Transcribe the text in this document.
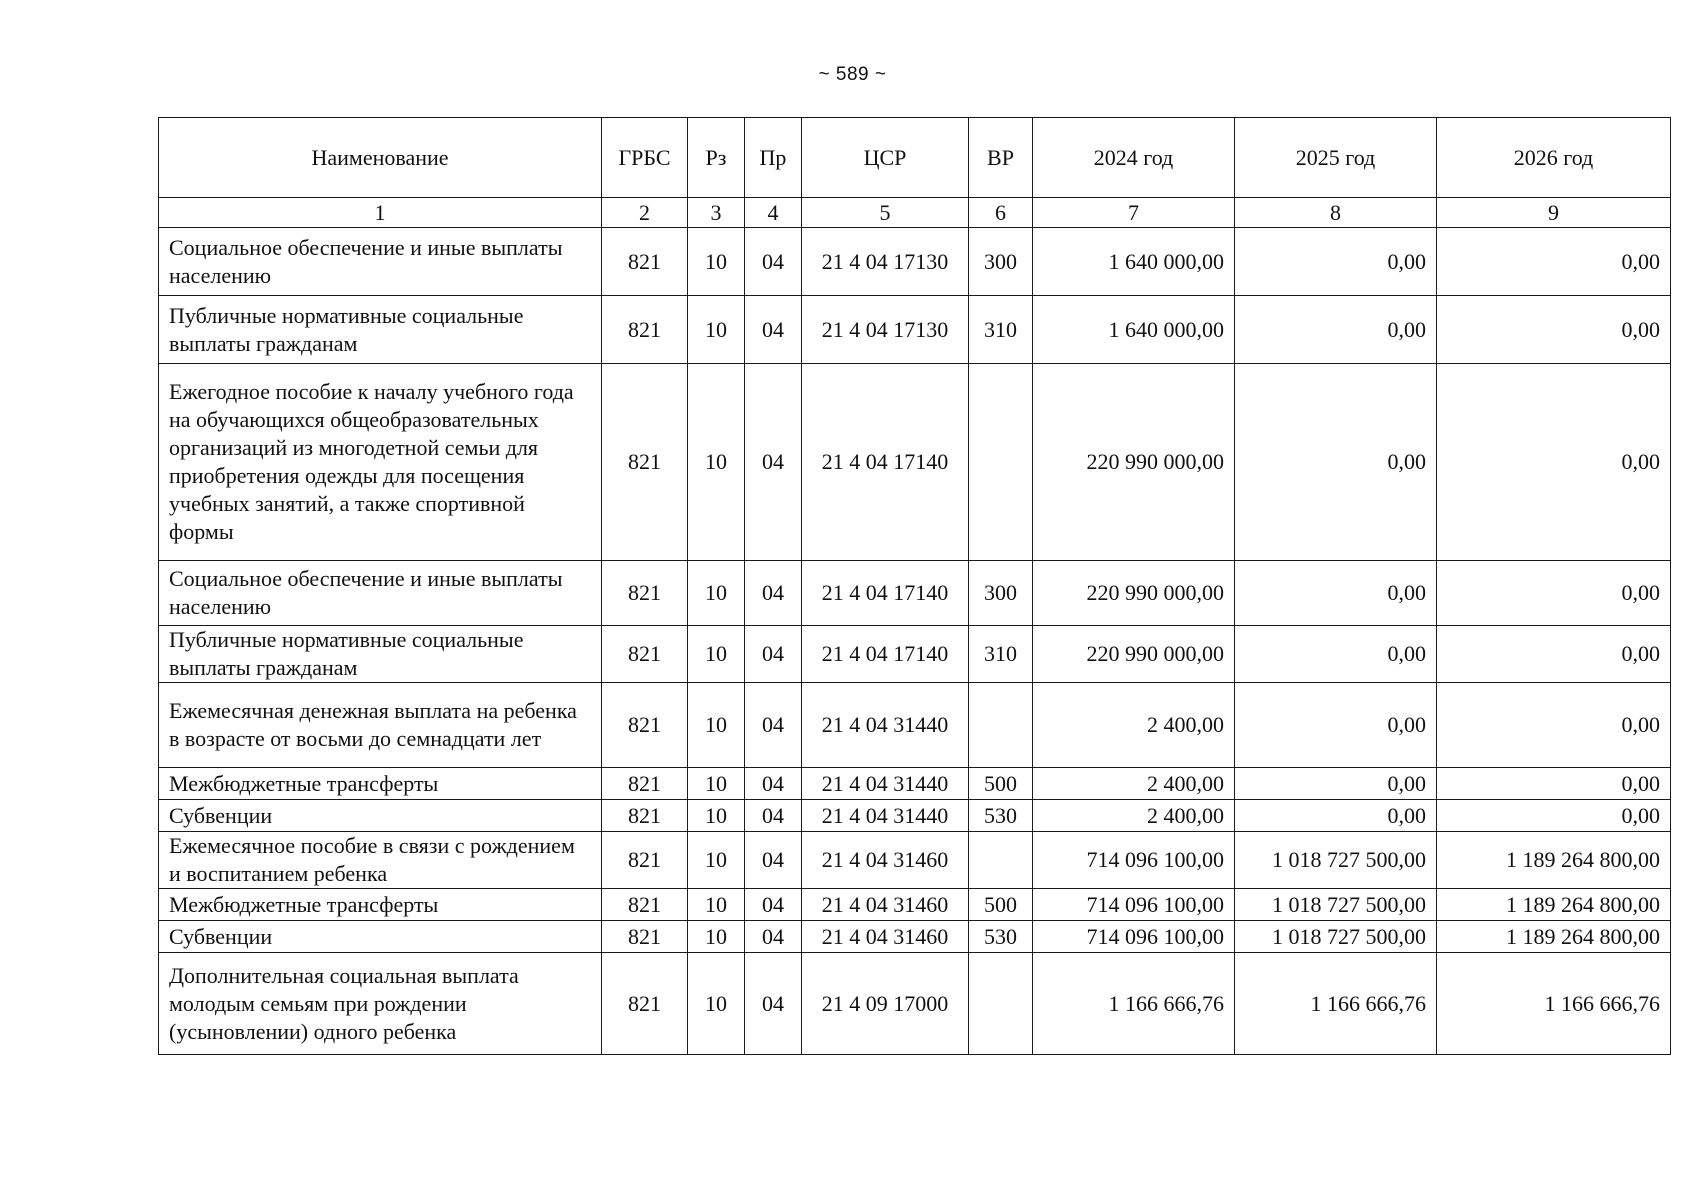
~ 589 ~
Наименование	ГРБС	Рз	Пр	ЦСР	ВР	2024 год	2025 год	2026 год
1	2	3	4	5	6	7	8	9
Социальное обеспечение и иные выплаты населению	821	10	04	21 4 04 17130	300	1 640 000,00	0,00	0,00
Публичные нормативные социальные выплаты гражданам	821	10	04	21 4 04 17130	310	1 640 000,00	0,00	0,00
Ежегодное пособие к началу учебного года на обучающихся общеобразовательных организаций из многодетной семьи для приобретения одежды для посещения учебных занятий, а также спортивной формы	821	10	04	21 4 04 17140		220 990 000,00	0,00	0,00
Социальное обеспечение и иные выплаты населению	821	10	04	21 4 04 17140	300	220 990 000,00	0,00	0,00
Публичные нормативные социальные выплаты гражданам	821	10	04	21 4 04 17140	310	220 990 000,00	0,00	0,00
Ежемесячная денежная выплата на ребенка в возрасте от восьми до семнадцати лет	821	10	04	21 4 04 31440		2 400,00	0,00	0,00
Межбюджетные трансферты	821	10	04	21 4 04 31440	500	2 400,00	0,00	0,00
Субвенции	821	10	04	21 4 04 31440	530	2 400,00	0,00	0,00
Ежемесячное пособие в связи с рождением и воспитанием ребенка	821	10	04	21 4 04 31460		714 096 100,00	1 018 727 500,00	1 189 264 800,00
Межбюджетные трансферты	821	10	04	21 4 04 31460	500	714 096 100,00	1 018 727 500,00	1 189 264 800,00
Субвенции	821	10	04	21 4 04 31460	530	714 096 100,00	1 018 727 500,00	1 189 264 800,00
Дополнительная социальная выплата молодым семьям при рождении (усыновлении) одного ребенка	821	10	04	21 4 09 17000		1 166 666,76	1 166 666,76	1 166 666,76
